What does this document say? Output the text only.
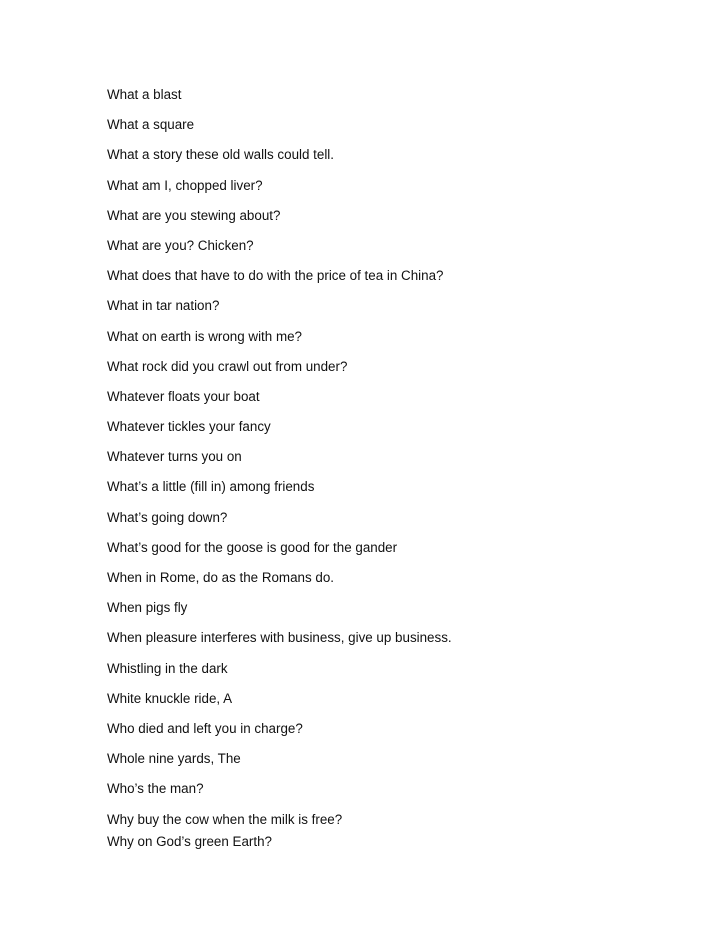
What a blast
What a square
What a story these old walls could tell.
What am I, chopped liver?
What are you stewing about?
What are you? Chicken?
What does that have to do with the price of tea in China?
What in tar nation?
What on earth is wrong with me?
What rock did you crawl out from under?
Whatever floats your boat
Whatever tickles your fancy
Whatever turns you on
What’s a little (fill in) among friends
What’s going down?
What’s good for the goose is good for the gander
When in Rome, do as the Romans do.
When pigs fly
When pleasure interferes with business, give up business.
Whistling in the dark
White knuckle ride, A
Who died and left you in charge?
Whole nine yards, The
Who’s the man?
Why buy the cow when the milk is free?
Why on God’s green Earth?
